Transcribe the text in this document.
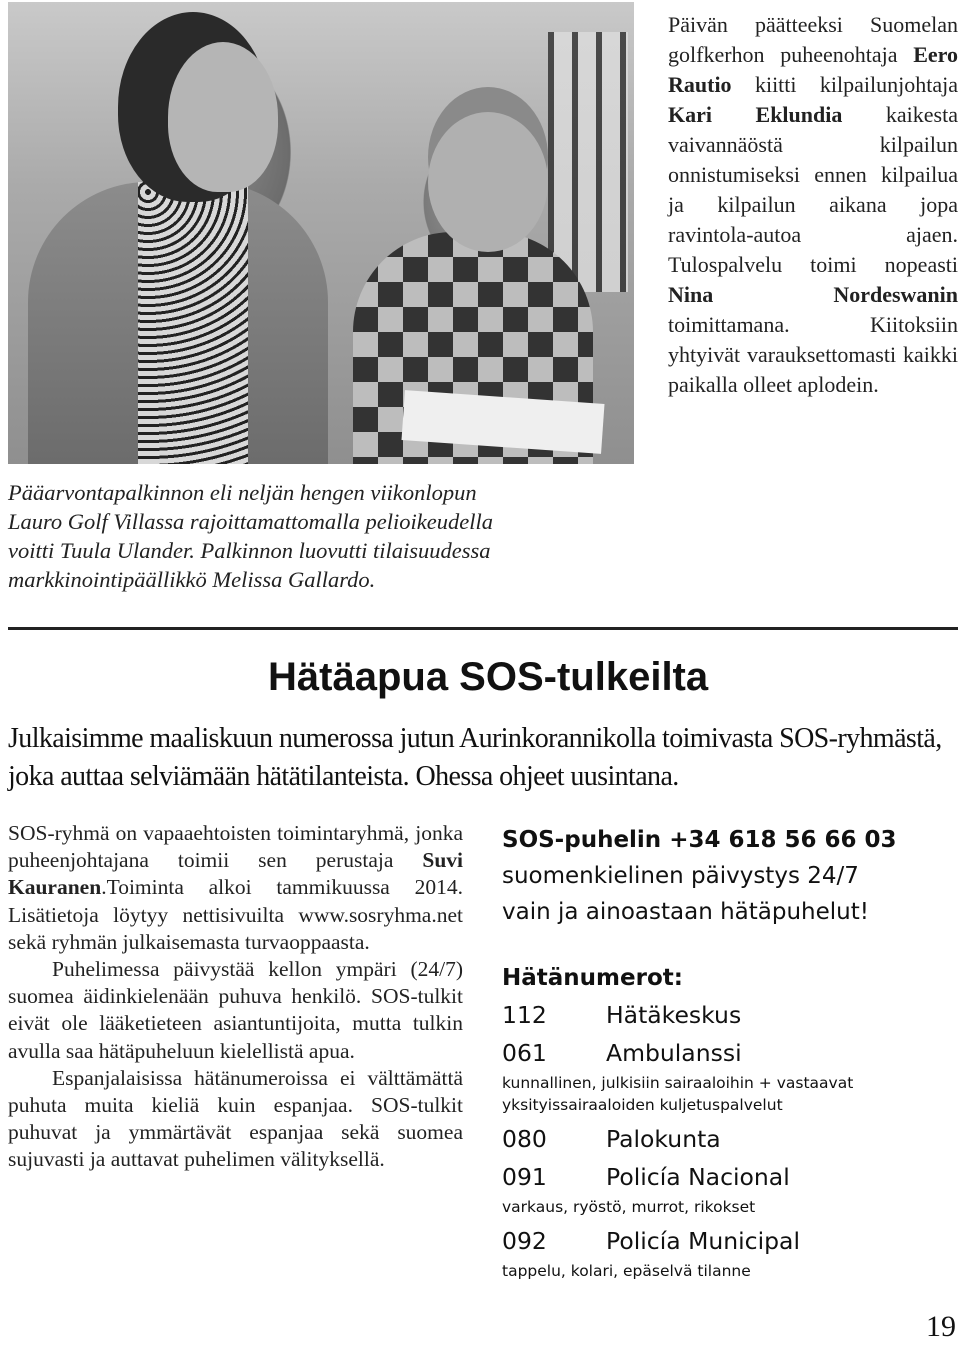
Pääarvontapalkinnon eli neljän hengen viikonlopun
Lauro Golf Villassa rajoittamattomalla pelioikeudella
voitti Tuula Ulander. Palkinnon luovutti tilaisuudessa
markkinointipäällikkö Melissa Gallardo.
Päivän päätteeksi Suomelan golfkerhon puheenohtaja Eero Rautio kiitti kilpailunjohtaja Kari Eklundia kaikesta vaivannäöstä kilpailun onnistumiseksi ennen kilpailua ja kilpailun aikana jopa ravintola-autoa ajaen. Tulospalvelu toimi nopeasti Nina Nordeswanin toimittamana. Kiitoksiin yhtyivät varauksettomasti kaikki paikalla olleet aplodein.
Hätäapua SOS-tulkeilta
Julkaisimme maaliskuun numerossa jutun Aurinkorannikolla toimivasta SOS-ryhmästä, joka auttaa selviämään hätätilanteista. Ohessa ohjeet uusintana.

SOS-ryhmä on vapaaehtoisten toimintaryhmä, jonka puheenjohtajana toimii sen perustaja Suvi Kauranen.Toiminta alkoi tammikuussa 2014. Lisätietoja löytyy nettisivuilta www.sosryhma.net sekä ryhmän julkaisemasta turvaoppaasta.

Puhelimessa päivystää kellon ympäri (24/7) suomea äidinkielenään puhuva henkilö. SOS-tulkit eivät ole lääketieteen asiantuntijoita, mutta tulkin avulla saa hätäpuheluun kielellistä apua.

Espanjalaisissa hätänumeroissa ei välttämättä puhuta muita kieliä kuin espanjaa. SOS-tulkit puhuvat ja ymmärtävät espanjaa sekä suomea sujuvasti ja auttavat puhelimen välityksellä.

SOS-puhelin +34 618 56 66 03
suomenkielinen päivystys 24/7
vain ja ainoastaan hätäpuhelut!
Hätänumerot:
112	Hätäkeskus
061	Ambulanssi
kunnallinen, julkisiin sairaaloihin + vastaavat yksityissairaaloiden kuljetuspalvelut
080	Palokunta
091	Policía Nacional
varkaus, ryöstö, murrot, rikokset
092	Policía Municipal
tappelu, kolari, epäselvä tilanne
19
